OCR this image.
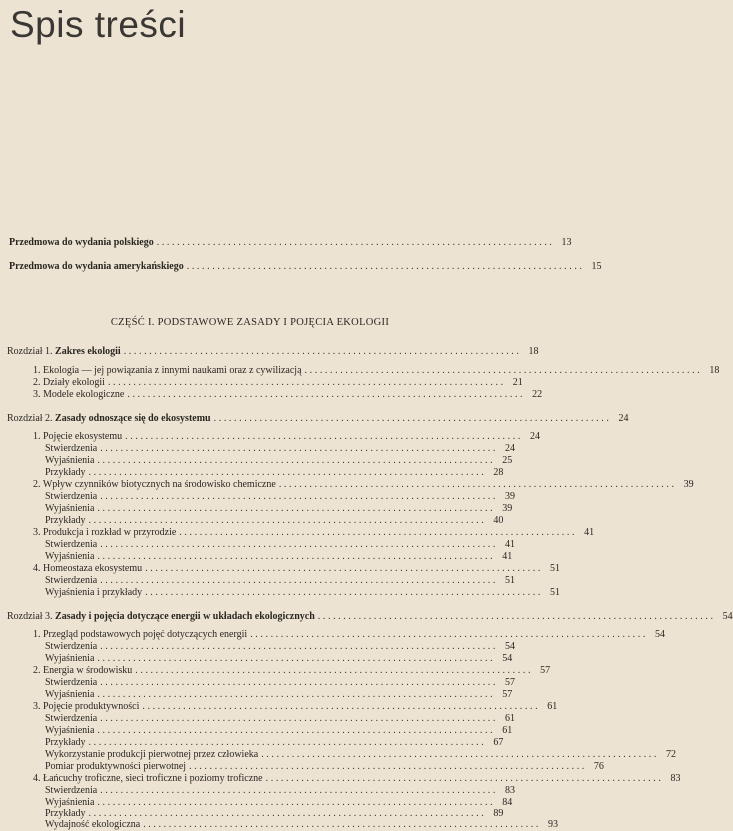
Spis treści
Przedmowa do wydania polskiego .............................................................................. 13
Przedmowa do wydania amerykańskiego .............................................................................. 15

CZĘŚĆ I. PODSTAWOWE ZASADY I POJĘCIA EKOLOGII

Rozdział 1. Zakres ekologii .............................................................................. 18
1. Ekologia — jej powiązania z innymi naukami oraz z cywilizacją .............................................................................. 18
2. Działy ekologii .............................................................................. 21
3. Modele ekologiczne .............................................................................. 22
Rozdział 2. Zasady odnoszące się do ekosystemu .............................................................................. 24
1. Pojęcie ekosystemu .............................................................................. 24
Stwierdzenia .............................................................................. 24
Wyjaśnienia .............................................................................. 25
Przykłady .............................................................................. 28
2. Wpływ czynników biotycznych na środowisko chemiczne .............................................................................. 39
Stwierdzenia .............................................................................. 39
Wyjaśnienia .............................................................................. 39
Przykłady .............................................................................. 40
3. Produkcja i rozkład w przyrodzie .............................................................................. 41
Stwierdzenia .............................................................................. 41
Wyjaśnienia .............................................................................. 41
4. Homeostaza ekosystemu .............................................................................. 51
Stwierdzenia .............................................................................. 51
Wyjaśnienia i przykłady .............................................................................. 51
Rozdział 3. Zasady i pojęcia dotyczące energii w układach ekologicznych .............................................................................. 54
1. Przegląd podstawowych pojęć dotyczących energii .............................................................................. 54
Stwierdzenia .............................................................................. 54
Wyjaśnienia .............................................................................. 54
2. Energia w środowisku .............................................................................. 57
Stwierdzenia .............................................................................. 57
Wyjaśnienia .............................................................................. 57
3. Pojęcie produktywności .............................................................................. 61
Stwierdzenia .............................................................................. 61
Wyjaśnienia .............................................................................. 61
Przykłady .............................................................................. 67
Wykorzystanie produkcji pierwotnej przez człowieka .............................................................................. 72
Pomiar produktywności pierwotnej .............................................................................. 76
4. Łańcuchy troficzne, sieci troficzne i poziomy troficzne .............................................................................. 83
Stwierdzenia .............................................................................. 83
Wyjaśnienia .............................................................................. 84
Przykłady .............................................................................. 89
Wydajność ekologiczna .............................................................................. 93
